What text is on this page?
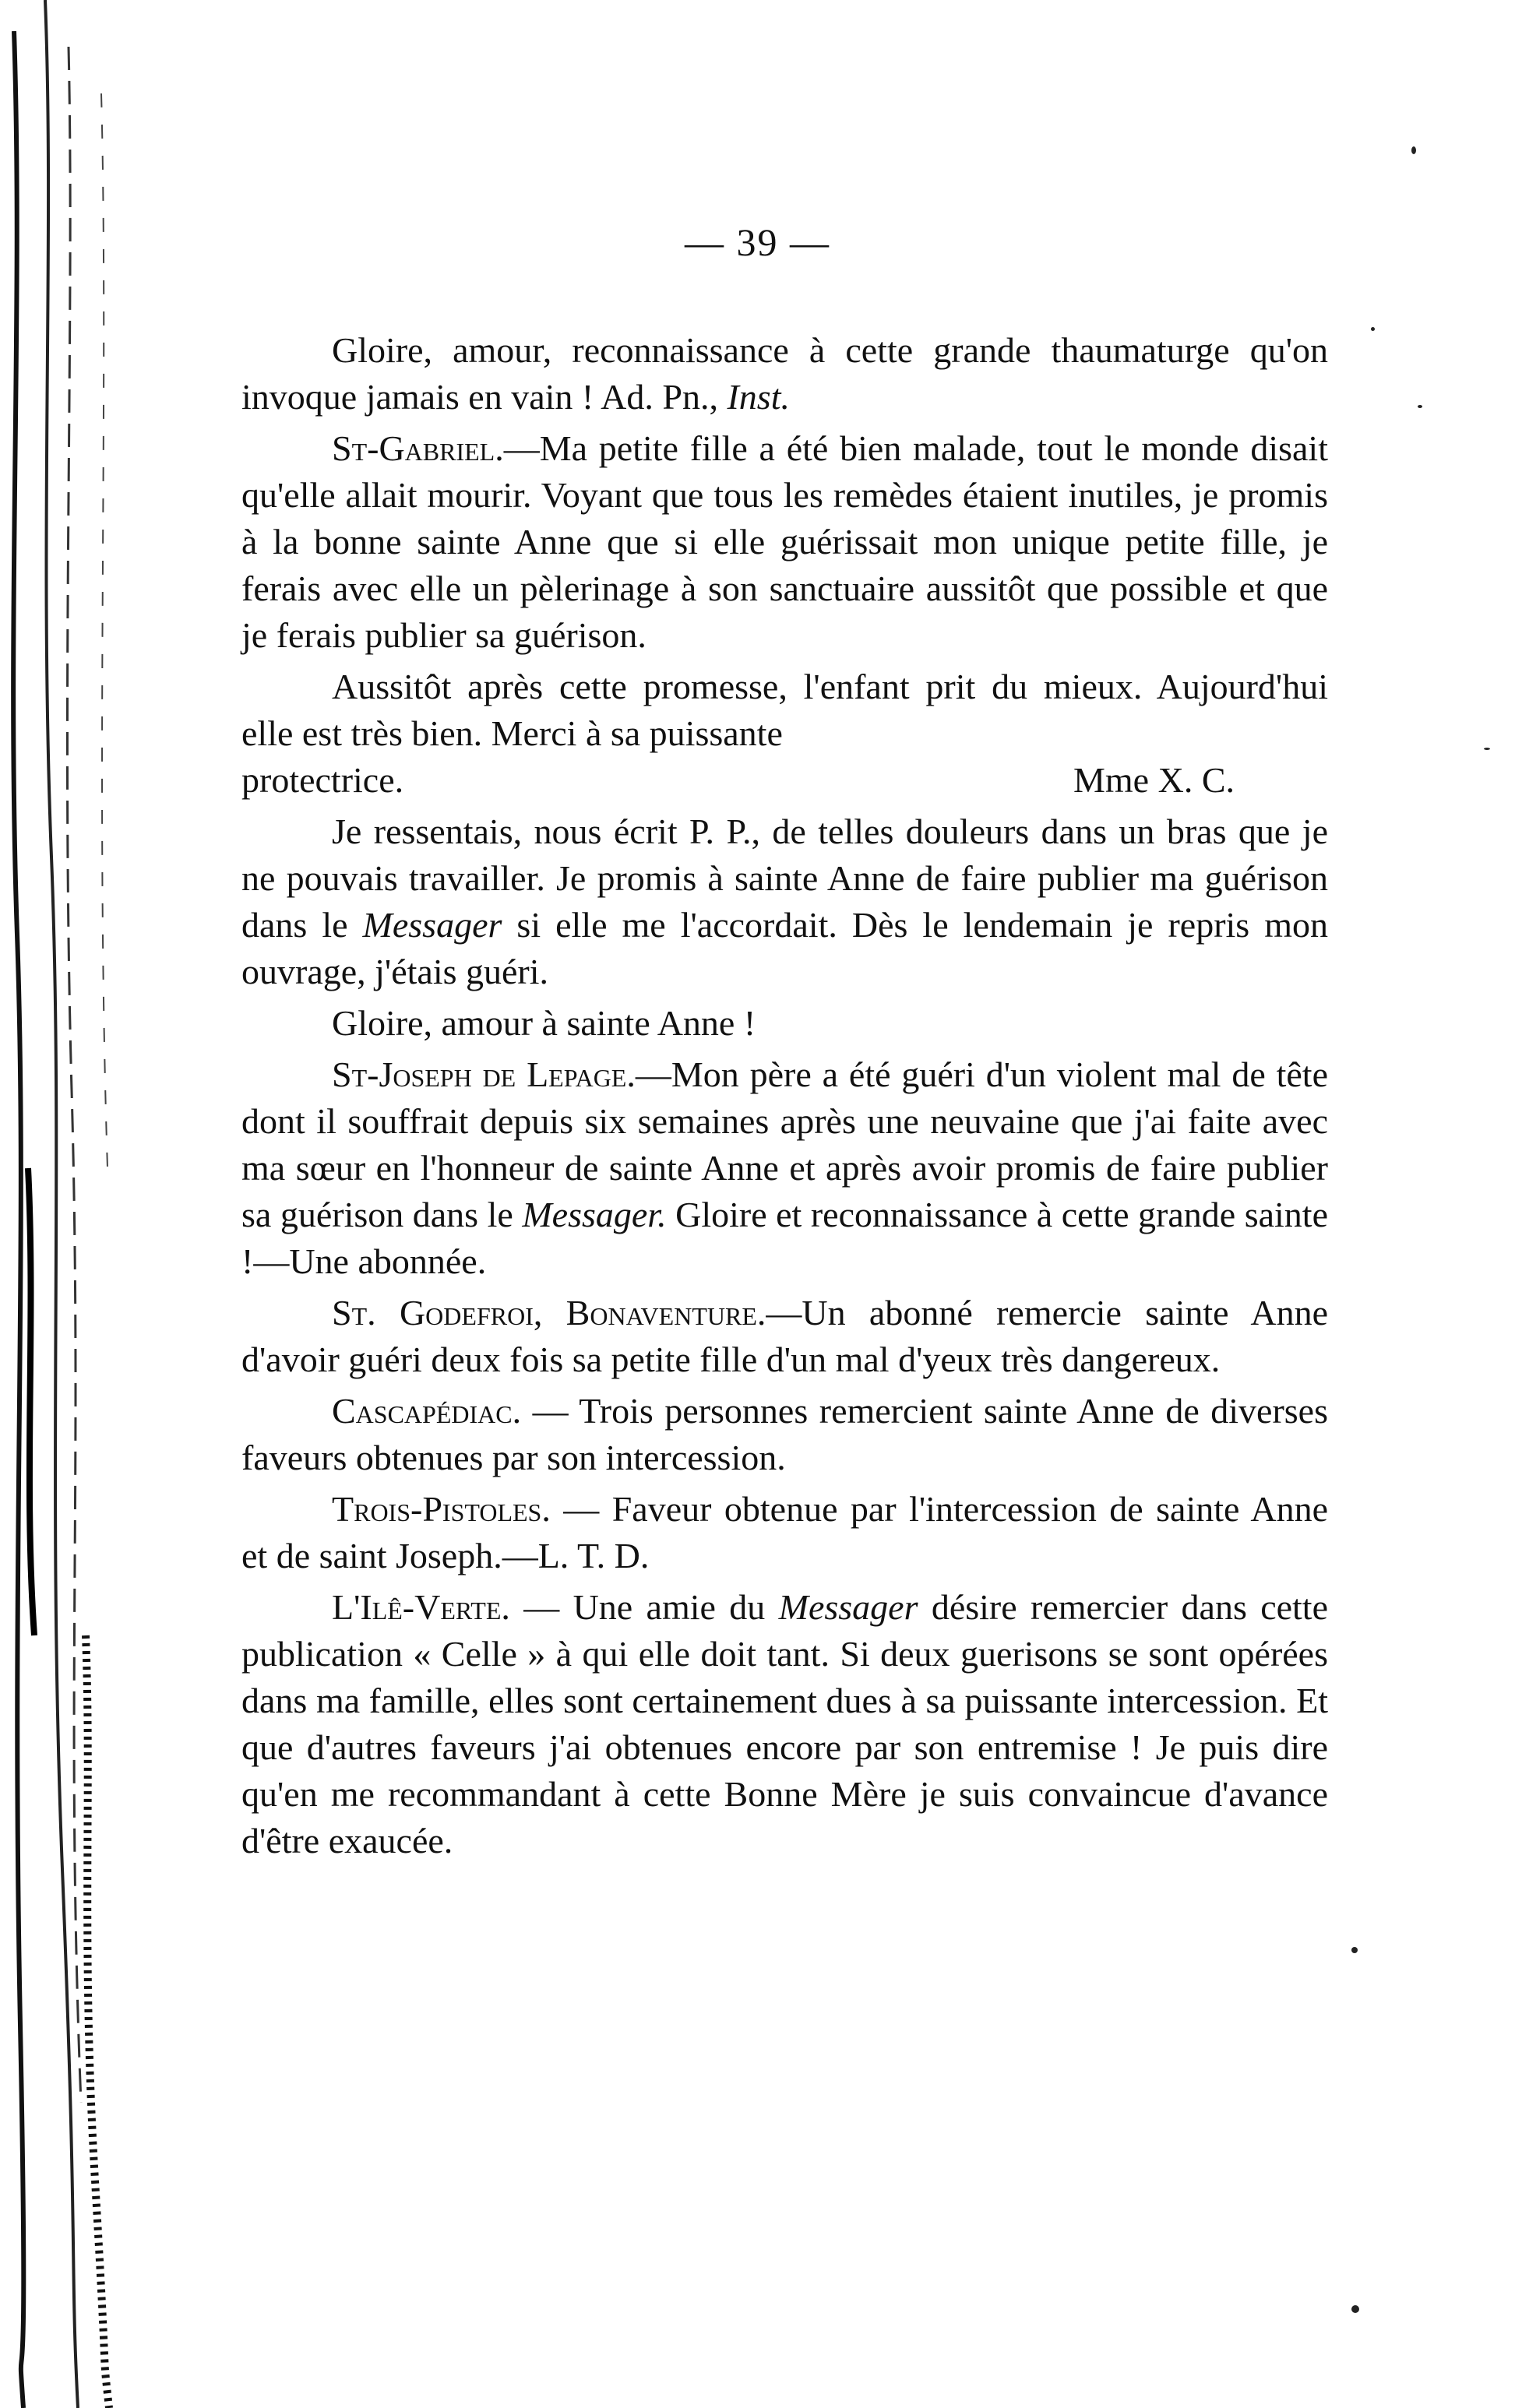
— 39 —

Gloire, amour, reconnaissance à cette grande thaumaturge qu'on invoque jamais en vain ! Ad. Pn., Inst.

St-Gabriel.—Ma petite fille a été bien malade, tout le monde disait qu'elle allait mourir. Voyant que tous les remèdes étaient inutiles, je promis à la bonne sainte Anne que si elle guérissait mon unique petite fille, je ferais avec elle un pèlerinage à son sanctuaire aussitôt que possible et que je ferais publier sa guérison.

Aussitôt après cette promesse, l'enfant prit du mieux. Aujourd'hui elle est très bien. Merci à sa puissante

protectrice.	Mme X. C.

Je ressentais, nous écrit P. P., de telles douleurs dans un bras que je ne pouvais travailler. Je promis à sainte Anne de faire publier ma guérison dans le Messager si elle me l'accordait. Dès le lendemain je repris mon ouvrage, j'étais guéri.

Gloire, amour à sainte Anne !

St-Joseph de Lepage.—Mon père a été guéri d'un violent mal de tête dont il souffrait depuis six semaines après une neuvaine que j'ai faite avec ma sœur en l'honneur de sainte Anne et après avoir promis de faire publier sa guérison dans le Messager. Gloire et reconnaissance à cette grande sainte !—Une abonnée.

St. Godefroi, Bonaventure.—Un abonné remercie sainte Anne d'avoir guéri deux fois sa petite fille d'un mal d'yeux très dangereux.

Cascapédiac. — Trois personnes remercient sainte Anne de diverses faveurs obtenues par son intercession.

Trois-Pistoles. — Faveur obtenue par l'intercession de sainte Anne et de saint Joseph.—L. T. D.

L'Ilê-Verte. — Une amie du Messager désire remercier dans cette publication « Celle » à qui elle doit tant. Si deux guerisons se sont opérées dans ma famille, elles sont certainement dues à sa puissante intercession. Et que d'autres faveurs j'ai obtenues encore par son entremise ! Je puis dire qu'en me recommandant à cette Bonne Mère je suis convaincue d'avance d'être exaucée.
